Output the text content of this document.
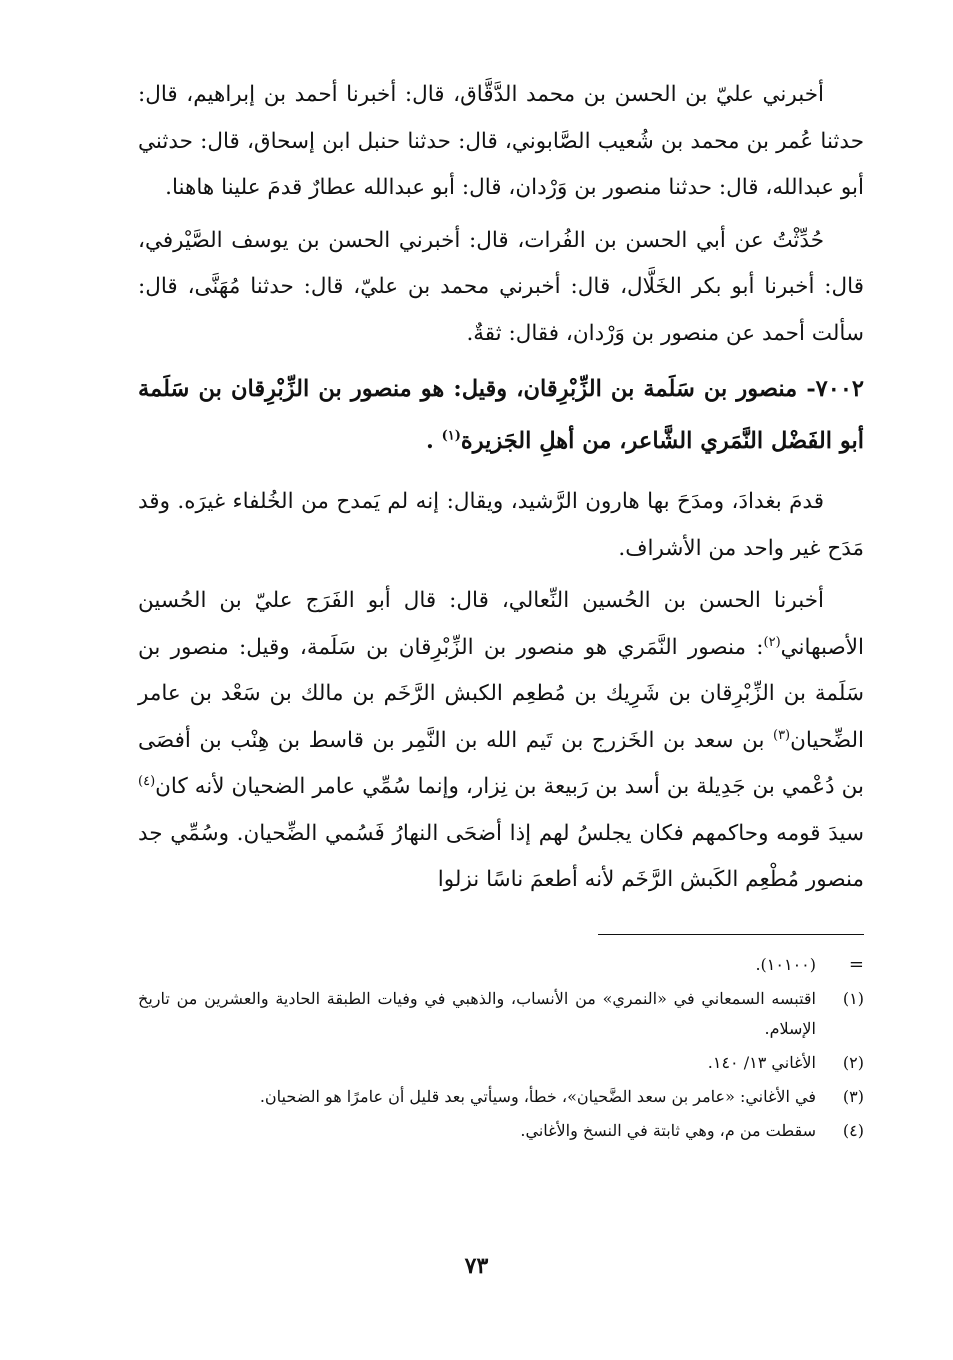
أخبرني عليّ بن الحسن بن محمد الدَّقَّاق، قال: أخبرنا أحمد بن إبراهيم، قال: حدثنا عُمر بن محمد بن شُعيب الصَّابوني، قال: حدثنا حنبل ابن إسحاق، قال: حدثني أبو عبدالله، قال: حدثنا منصور بن وَرْدان، قال: أبو عبدالله عطارٌ قدمَ علينا هاهنا.

حُدِّثْتُ عن أبي الحسن بن الفُرات، قال: أخبرني الحسن بن يوسف الصَّيْرفي، قال: أخبرنا أبو بكر الخَلَّال، قال: أخبرني محمد بن عليّ، قال: حدثنا مُهَنَّى، قال: سألت أحمد عن منصور بن وَرْدان، فقال: ثقةٌ.

٧٠٠٢- منصور بن سَلَمة بن الزِّبْرِقان، وقيل: هو منصور بن الزِّبْرِقان بن سَلَمة أبو الفَضْل النَّمَري الشَّاعر، من أهلِ الجَزيرة$^{(١)}$ .

قدمَ بغدادَ، ومدَحَ بها هارون الرَّشيد، ويقال: إنه لم يَمدح من الخُلفاء غيرَه. وقد مَدَح غير واحد من الأشراف.

أخبرنا الحسن بن الحُسين النِّعالي، قال: قال أبو الفَرَج عليّ بن الحُسين الأصبهاني$^{(٢)}$: منصور النَّمَري هو منصور بن الزِّبْرِقان بن سَلَمة، وقيل: منصور بن سَلَمة بن الزِّبْرِقان بن شَرِيك بن مُطعِم الكبش الرَّخَم بن مالك بن سَعْد بن عامر الضِّحيان$^{(٣)}$ بن سعد بن الخَزرج بن تَيم الله بن النَّمِر بن قاسط بن هِنْب بن أفصَى بن دُعْمي بن جَدِيلة بن أسد بن رَبيعة بن نِزار، وإنما سُمِّي عامر الضحيان لأنه كان$^{(٤)}$ سيدَ قومه وحاكمهم فكان يجلسُ لهم إذا أضحَى النهارُ فَسُمي الضِّحيان. وسُمِّي جد منصور مُطْعِم الكَبش الرَّخَم لأنه أطعمَ ناسًا نزلوا

=
(١٠١٠٠).
(١)
اقتبسه السمعاني في «النمري» من الأنساب، والذهبي في وفيات الطبقة الحادية والعشرين من تاريخ الإسلام.
(٢)
الأغاني ١٣/ ١٤٠.
(٣)
في الأغاني: «عامر بن سعد الضَّحيان»، خطأ، وسيأتي بعد قليل أن عامرًا هو الضحيان.
(٤)
سقطت من م، وهي ثابتة في النسخ والأغاني.
٧٣
